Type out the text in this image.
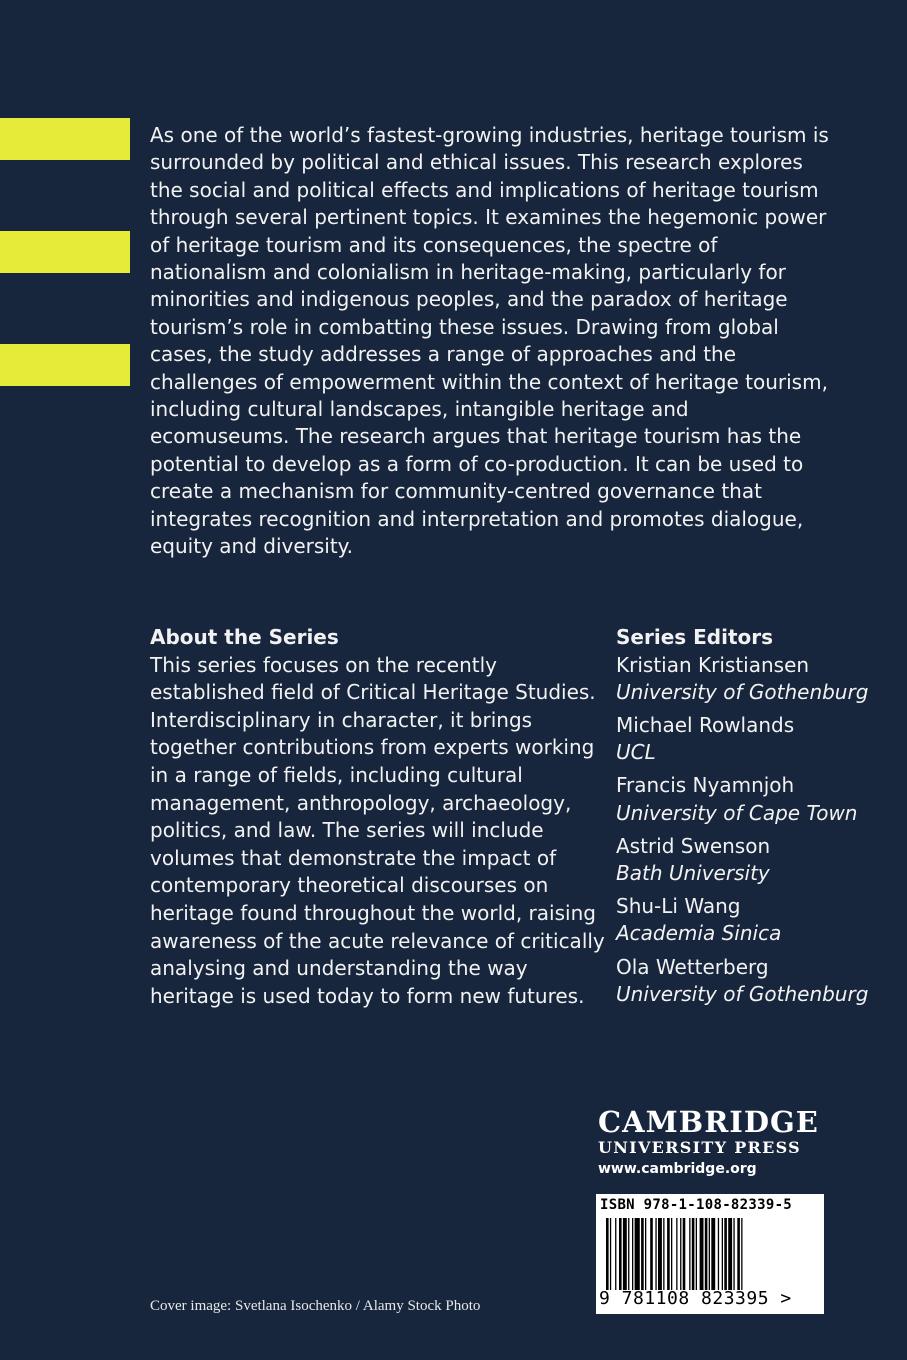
As one of the world’s fastest-growing industries, heritage tourism is surrounded by political and ethical issues. This research explores the social and political effects and implications of heritage tourism through several pertinent topics. It examines the hegemonic power of heritage tourism and its consequences, the spectre of nationalism and colonialism in heritage-making, particularly for minorities and indigenous peoples, and the paradox of heritage tourism’s role in combatting these issues. Drawing from global cases, the study addresses a range of approaches and the challenges of empowerment within the context of heritage tourism, including cultural landscapes, intangible heritage and ecomuseums. The research argues that heritage tourism has the potential to develop as a form of co-production. It can be used to create a mechanism for community-centred governance that integrates recognition and interpretation and promotes dialogue, equity and diversity.

About the Series

This series focuses on the recently established field of Critical Heritage Studies. Interdisciplinary in character, it brings together contributions from experts working in a range of fields, including cultural management, anthropology, archaeology, politics, and law. The series will include volumes that demonstrate the impact of contemporary theoretical discourses on heritage found throughout the world, raising awareness of the acute relevance of critically analysing and understanding the way heritage is used today to form new futures.

Series Editors
Kristian Kristiansen
University of Gothenburg
Michael Rowlands
UCL
Francis Nyamnjoh
University of Cape Town
Astrid Swenson
Bath University
Shu-Li Wang
Academia Sinica
Ola Wetterberg
University of Gothenburg
CAMBRIDGE
UNIVERSITY PRESS
www.cambridge.org
ISBN 978-1-108-82339-5
9 781108 823395 >
Cover image: Svetlana Isochenko / Alamy Stock Photo
